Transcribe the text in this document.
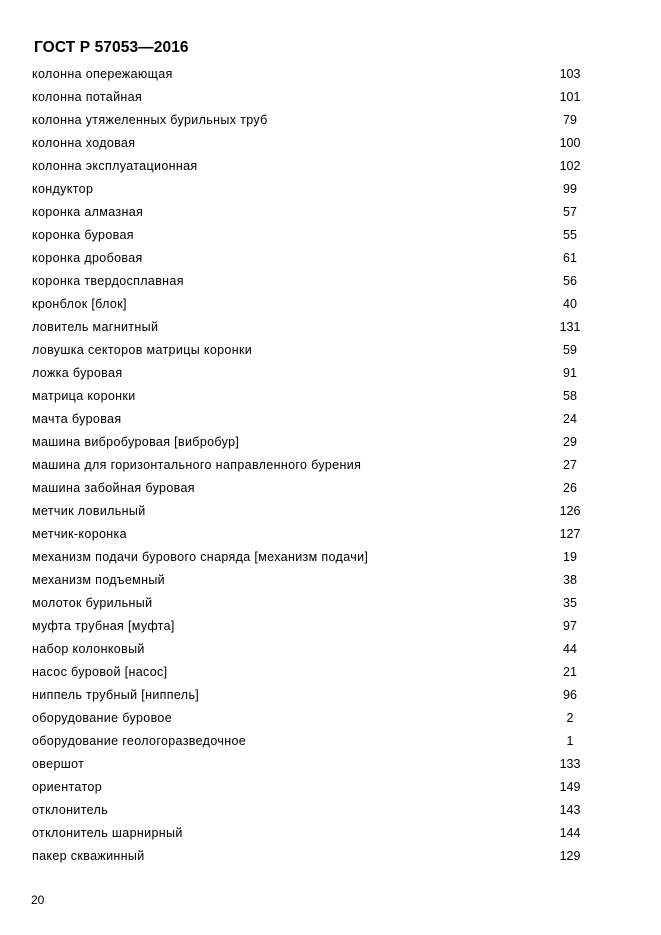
ГОСТ Р 57053—2016
колонна опережающая	103
колонна потайная	101
колонна утяжеленных бурильных труб	79
колонна ходовая	100
колонна эксплуатационная	102
кондуктор	99
коронка алмазная	57
коронка буровая	55
коронка дробовая	61
коронка твердосплавная	56
кронблок [блок]	40
ловитель магнитный	131
ловушка секторов матрицы коронки	59
ложка буровая	91
матрица коронки	58
мачта буровая	24
машина вибробуровая [вибробур]	29
машина для горизонтального направленного бурения	27
машина забойная буровая	26
метчик ловильный	126
метчик-коронка	127
механизм подачи бурового снаряда [механизм подачи]	19
механизм подъемный	38
молоток бурильный	35
муфта трубная [муфта]	97
набор колонковый	44
насос буровой [насос]	21
ниппель трубный [ниппель]	96
оборудование буровое	2
оборудование геологоразведочное	1
овершот	133
ориентатор	149
отклонитель	143
отклонитель шарнирный	144
пакер скважинный	129
20
